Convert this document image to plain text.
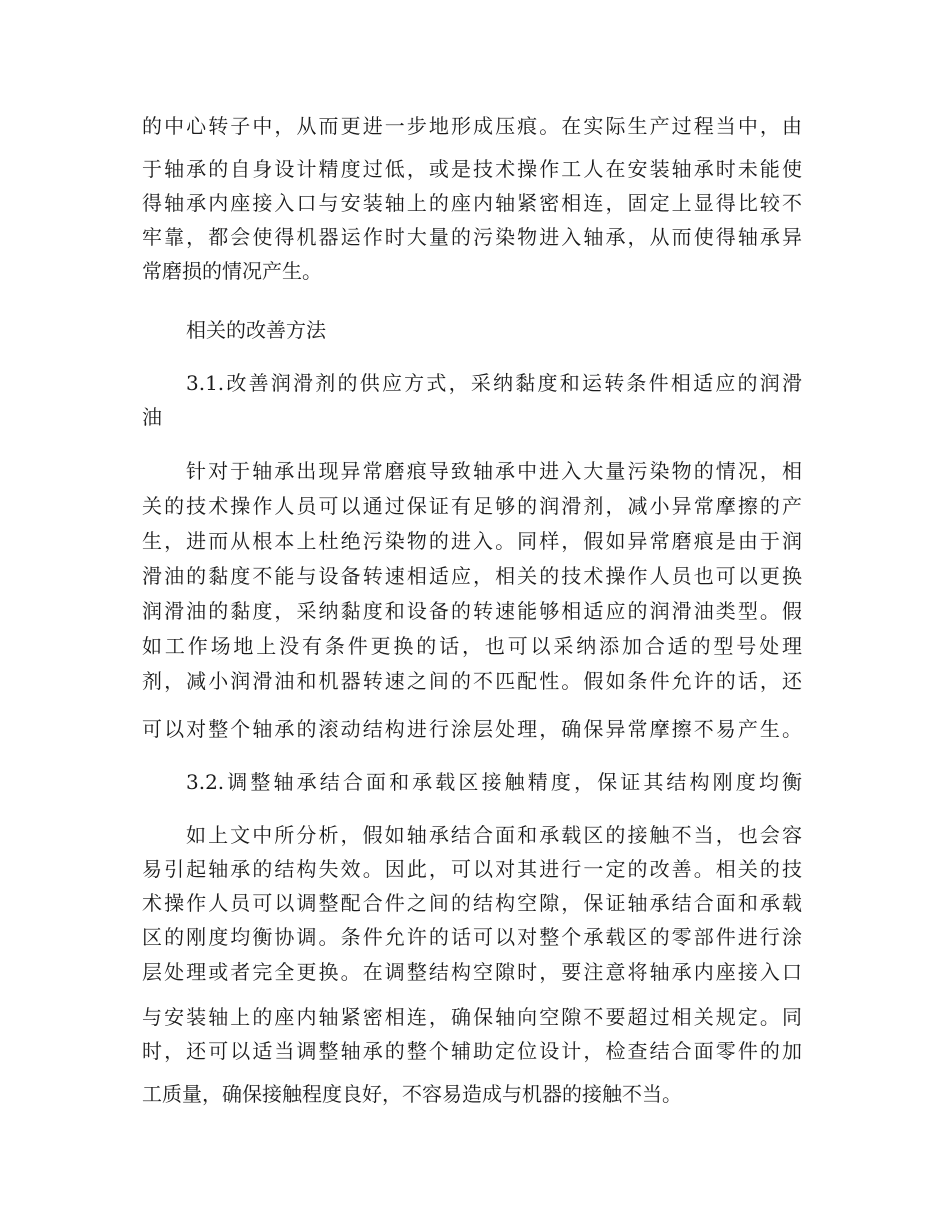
的中心转子中，从而更进一步地形成压痕。在实际生产过程当中，由
于轴承的自身设计精度过低，或是技术操作工人在安装轴承时未能使
得轴承内座接入口与安装轴上的座内轴紧密相连，固定上显得比较不
牢靠，都会使得机器运作时大量的污染物进入轴承，从而使得轴承异
常磨损的情况产生。
相关的改善方法
3.1.改善润滑剂的供应方式，采纳黏度和运转条件相适应的润滑
油
针对于轴承出现异常磨痕导致轴承中进入大量污染物的情况，相
关的技术操作人员可以通过保证有足够的润滑剂，减小异常摩擦的产
生，进而从根本上杜绝污染物的进入。同样，假如异常磨痕是由于润
滑油的黏度不能与设备转速相适应，相关的技术操作人员也可以更换
润滑油的黏度，采纳黏度和设备的转速能够相适应的润滑油类型。假
如工作场地上没有条件更换的话，也可以采纳添加合适的型号处理
剂，减小润滑油和机器转速之间的不匹配性。假如条件允许的话，还
可以对整个轴承的滚动结构进行涂层处理，确保异常摩擦不易产生。
3.2.调整轴承结合面和承载区接触精度，保证其结构刚度均衡
如上文中所分析，假如轴承结合面和承载区的接触不当，也会容
易引起轴承的结构失效。因此，可以对其进行一定的改善。相关的技
术操作人员可以调整配合件之间的结构空隙，保证轴承结合面和承载
区的刚度均衡协调。条件允许的话可以对整个承载区的零部件进行涂
层处理或者完全更换。在调整结构空隙时，要注意将轴承内座接入口
与安装轴上的座内轴紧密相连，确保轴向空隙不要超过相关规定。同
时，还可以适当调整轴承的整个辅助定位设计，检查结合面零件的加
工质量，确保接触程度良好，不容易造成与机器的接触不当。
